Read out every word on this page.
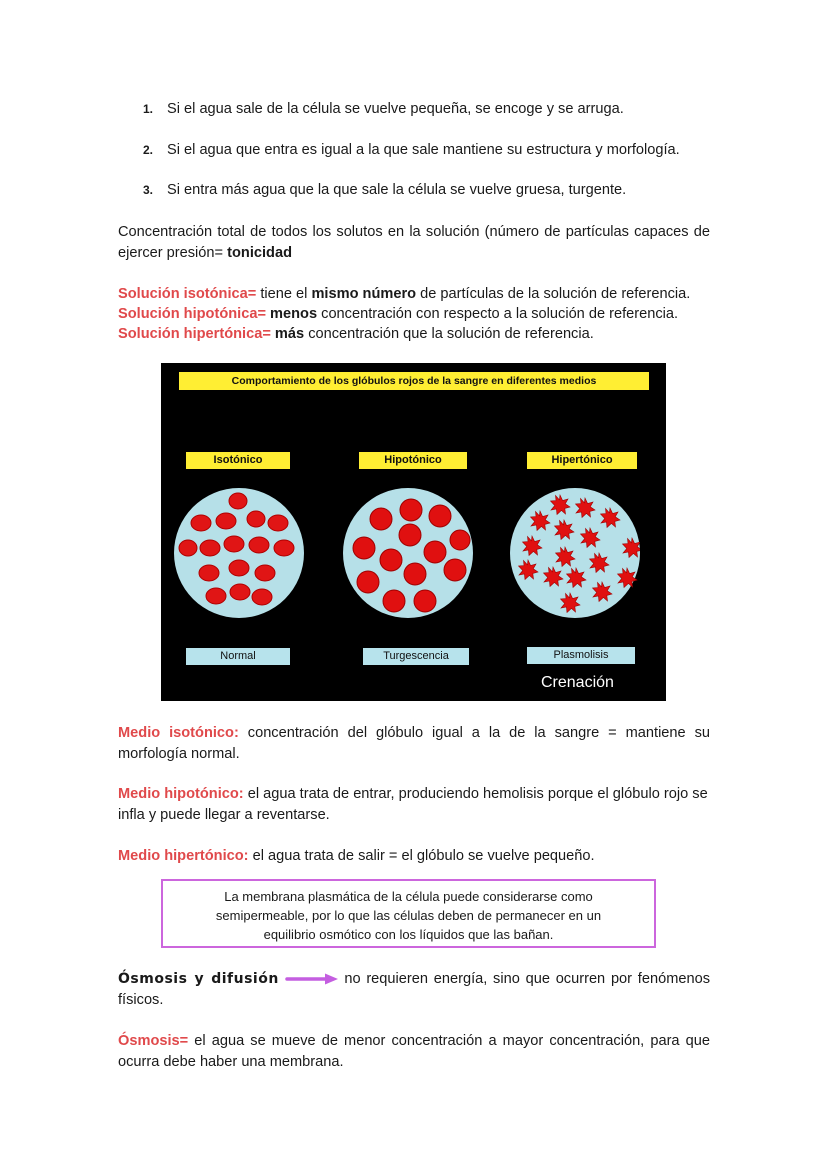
1. Si el agua sale de la célula se vuelve pequeña, se encoge y se arruga.
2. Si el agua que entra es igual a la que sale mantiene su estructura y morfología.
3. Si entra más agua que la que sale la célula se vuelve gruesa, turgente.
Concentración total de todos los solutos en la solución (número de partículas capaces de ejercer presión= tonicidad
Solución isotónica= tiene el mismo número de partículas de la solución de referencia.
Solución hipotónica= menos concentración con respecto a la solución de referencia.
Solución hipertónica= más concentración que la solución de referencia.
Comportamiento de los glóbulos rojos de la sangre en diferentes medios
Isotónico	Hipotónico	Hipertónico
Normal	Turgescencia	Plasmolisis
Crenación
Medio isotónico: concentración del glóbulo igual a la de la sangre = mantiene su morfología normal.
Medio hipotónico: el agua trata de entrar, produciendo hemolisis porque el glóbulo rojo se infla y puede llegar a reventarse.
Medio hipertónico: el agua trata de salir = el glóbulo se vuelve pequeño.
La membrana plasmática de la célula puede considerarse como
semipermeable, por lo que las células deben de permanecer en un
equilibrio osmótico con los líquidos que las bañan.
Ósmosis y difusión	no requieren energía, sino que ocurren por fenómenos físicos.
Ósmosis= el agua se mueve de menor concentración a mayor concentración, para que ocurra debe haber una membrana.
